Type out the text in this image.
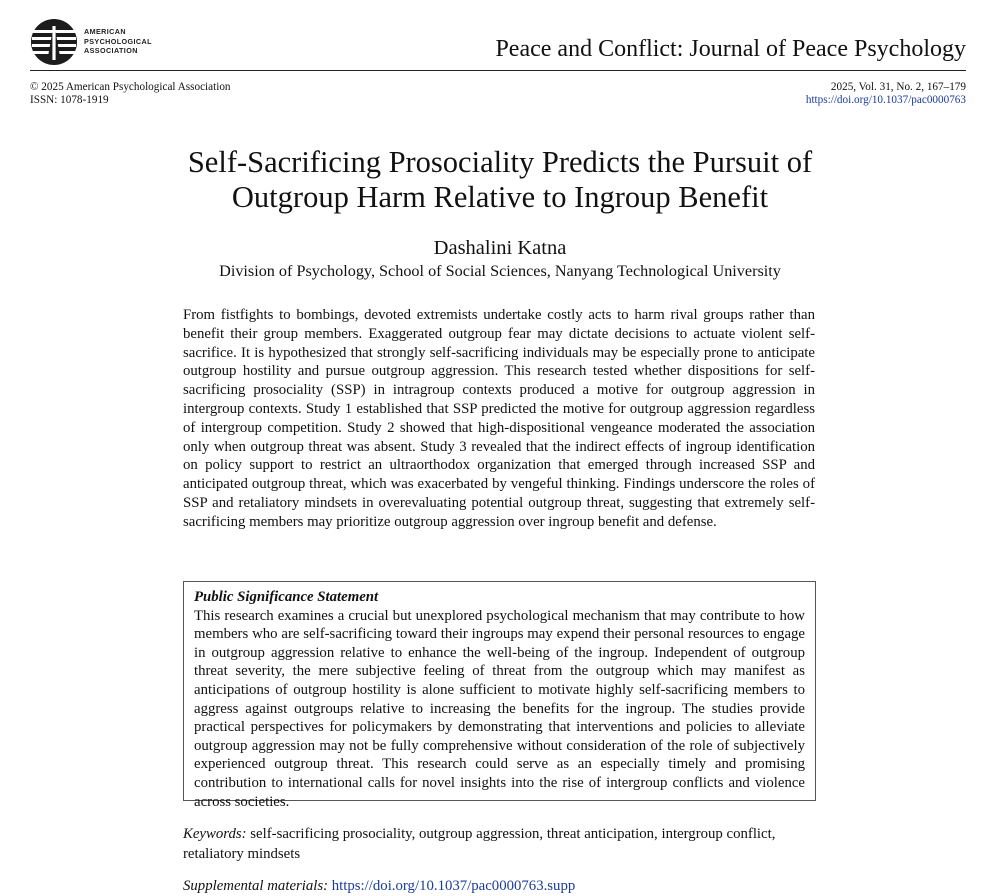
AMERICAN
PSYCHOLOGICAL
ASSOCIATION	Peace and Conflict: Journal of Peace Psychology
© 2025 American Psychological Association
ISSN: 1078-1919
2025, Vol. 31, No. 2, 167–179
https://doi.org/10.1037/pac0000763
Self-Sacrificing Prosociality Predicts the Pursuit of
Outgroup Harm Relative to Ingroup Benefit
Dashalini Katna
Division of Psychology, School of Social Sciences, Nanyang Technological University

From fistfights to bombings, devoted extremists undertake costly acts to harm rival groups rather than benefit their group members. Exaggerated outgroup fear may dictate decisions to actuate violent self-sacrifice. It is hypothesized that strongly self-sacrificing individuals may be especially prone to anticipate outgroup hostility and pursue outgroup aggression. This research tested whether dispositions for self-sacrificing prosociality (SSP) in intragroup contexts produced a motive for outgroup aggression in intergroup contexts. Study 1 established that SSP predicted the motive for outgroup aggression regardless of intergroup competition. Study 2 showed that high-dispositional vengeance moderated the association only when outgroup threat was absent. Study 3 revealed that the indirect effects of ingroup identification on policy support to restrict an ultraorthodox organization that emerged through increased SSP and anticipated outgroup threat, which was exacerbated by vengeful thinking. Findings underscore the roles of SSP and retaliatory mindsets in overevaluating potential outgroup threat, suggesting that extremely self-sacrificing members may prioritize outgroup aggression over ingroup benefit and defense.

Public Significance Statement

This research examines a crucial but unexplored psychological mechanism that may contribute to how members who are self-sacrificing toward their ingroups may expend their personal resources to engage in outgroup aggression relative to enhance the well-being of the ingroup. Independent of outgroup threat severity, the mere subjective feeling of threat from the outgroup which may manifest as anticipations of outgroup hostility is alone sufficient to motivate highly self-sacrificing members to aggress against outgroups relative to increasing the benefits for the ingroup. The studies provide practical perspectives for policymakers by demonstrating that interventions and policies to alleviate outgroup aggression may not be fully comprehensive without consideration of the role of subjectively experienced outgroup threat. This research could serve as an especially timely and promising contribution to international calls for novel insights into the rise of intergroup conflicts and violence across societies.

Keywords: self-sacrificing prosociality, outgroup aggression, threat anticipation, intergroup conflict, retaliatory mindsets

Supplemental materials: https://doi.org/10.1037/pac0000763.supp
